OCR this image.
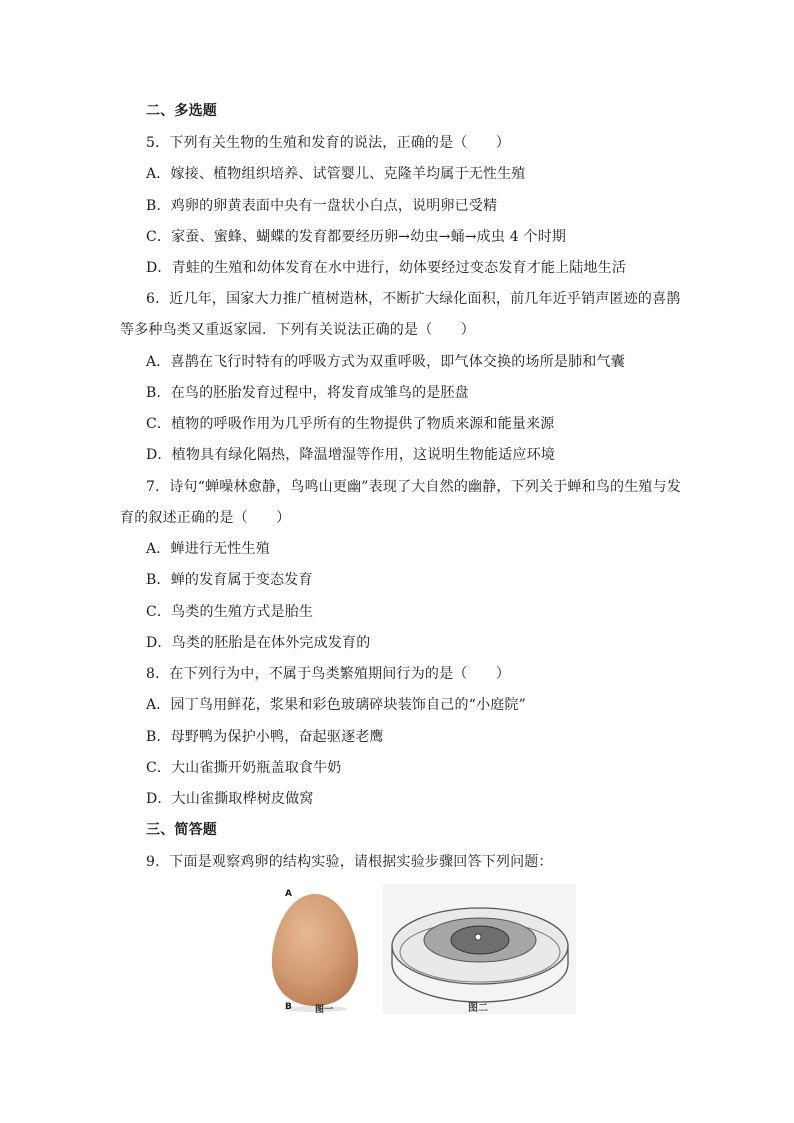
二、多选题
5．下列有关生物的生殖和发育的说法，正确的是（　　）
A．嫁接、植物组织培养、试管婴儿、克隆羊均属于无性生殖
B．鸡卵的卵黄表面中央有一盘状小白点，说明卵已受精
C．家蚕、蜜蜂、蝴蝶的发育都要经历卵→幼虫→蛹→成虫 4 个时期
D．青蛙的生殖和幼体发育在水中进行，幼体要经过变态发育才能上陆地生活
6．近几年，国家大力推广植树造林，不断扩大绿化面积，前几年近乎销声匿迹的喜鹊
等多种鸟类又重返家园．下列有关说法正确的是（　　）
A．喜鹊在飞行时特有的呼吸方式为双重呼吸，即气体交换的场所是肺和气囊
B．在鸟的胚胎发育过程中，将发育成雏鸟的是胚盘
C．植物的呼吸作用为几乎所有的生物提供了物质来源和能量来源
D．植物具有绿化隔热，降温增湿等作用，这说明生物能适应环境
7．诗句“蝉噪林愈静，鸟鸣山更幽”表现了大自然的幽静，下列关于蝉和鸟的生殖与发
育的叙述正确的是（　　）
A．蝉进行无性生殖
B．蝉的发育属于变态发育
C．鸟类的生殖方式是胎生
D．鸟类的胚胎是在体外完成发育的
8．在下列行为中，不属于鸟类繁殖期间行为的是（　　）
A．园丁鸟用鲜花，浆果和彩色玻璃碎块装饰自己的“小庭院”
B．母野鸭为保护小鸭，奋起驱逐老鹰
C．大山雀撕开奶瓶盖取食牛奶
D．大山雀撕取桦树皮做窝
三、简答题
9．下面是观察鸡卵的结构实验，请根据实验步骤回答下列问题：
A
B	图一	图二
